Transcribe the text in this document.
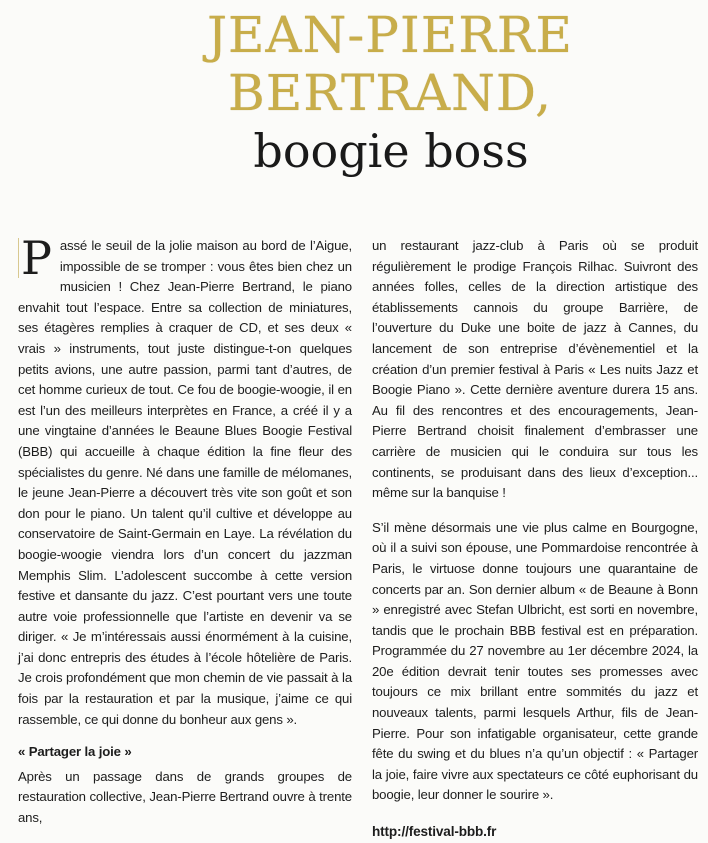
JEAN-PIERRE
BERTRAND,
boogie boss

P assé le seuil de la jolie maison au bord de l’Aigue, impossible de se tromper : vous êtes bien chez un musicien ! Chez Jean-Pierre Bertrand, le piano envahit tout l’espace. Entre sa collection de miniatures, ses étagères remplies à craquer de CD, et ses deux « vrais » instruments, tout juste distingue-t-on quelques petits avions, une autre passion, parmi tant d’autres, de cet homme curieux de tout. Ce fou de boogie-woogie, il en est l’un des meilleurs interprètes en France, a créé il y a une vingtaine d’années le Beaune Blues Boogie Festival (BBB) qui accueille à chaque édition la fine fleur des spécialistes du genre. Né dans une famille de mélomanes, le jeune Jean-Pierre a découvert très vite son goût et son don pour le piano. Un talent qu’il cultive et développe au conservatoire de Saint-Germain en Laye. La révélation du boogie-woogie viendra lors d’un concert du jazzman Memphis Slim. L’adolescent succombe à cette version festive et dansante du jazz. C’est pourtant vers une toute autre voie professionnelle que l’artiste en devenir va se diriger. « Je m’intéressais aussi énormément à la cuisine, j’ai donc entrepris des études à l’école hôtelière de Paris. Je crois profondément que mon chemin de vie passait à la fois par la restauration et par la musique, j’aime ce qui rassemble, ce qui donne du bonheur aux gens ».

« Partager la joie »

Après un passage dans de grands groupes de restauration collective, Jean-Pierre Bertrand ouvre à trente ans,

un restaurant jazz-club à Paris où se produit régulièrement le prodige François Rilhac. Suivront des années folles, celles de la direction artistique des établissements cannois du groupe Barrière, de l’ouverture du Duke une boite de jazz à Cannes, du lancement de son entreprise d’évènementiel et la création d’un premier festival à Paris « Les nuits Jazz et Boogie Piano ». Cette dernière aventure durera 15 ans. Au fil des rencontres et des encouragements, Jean-Pierre Bertrand choisit finalement d’embrasser une carrière de musicien qui le conduira sur tous les continents, se produisant dans des lieux d’exception... même sur la banquise !

S’il mène désormais une vie plus calme en Bourgogne, où il a suivi son épouse, une Pommardoise rencontrée à Paris, le virtuose donne toujours une quarantaine de concerts par an. Son dernier album « de Beaune à Bonn » enregistré avec Stefan Ulbricht, est sorti en novembre, tandis que le prochain BBB festival est en préparation. Programmée du 27 novembre au 1er décembre 2024, la 20e édition devrait tenir toutes ses promesses avec toujours ce mix brillant entre sommités du jazz et nouveaux talents, parmi lesquels Arthur, fils de Jean-Pierre. Pour son infatigable organisateur, cette grande fête du swing et du blues n’a qu’un objectif : « Partager la joie, faire vivre aux spectateurs ce côté euphorisant du boogie, leur donner le sourire ».

http://festival-bbb.fr
